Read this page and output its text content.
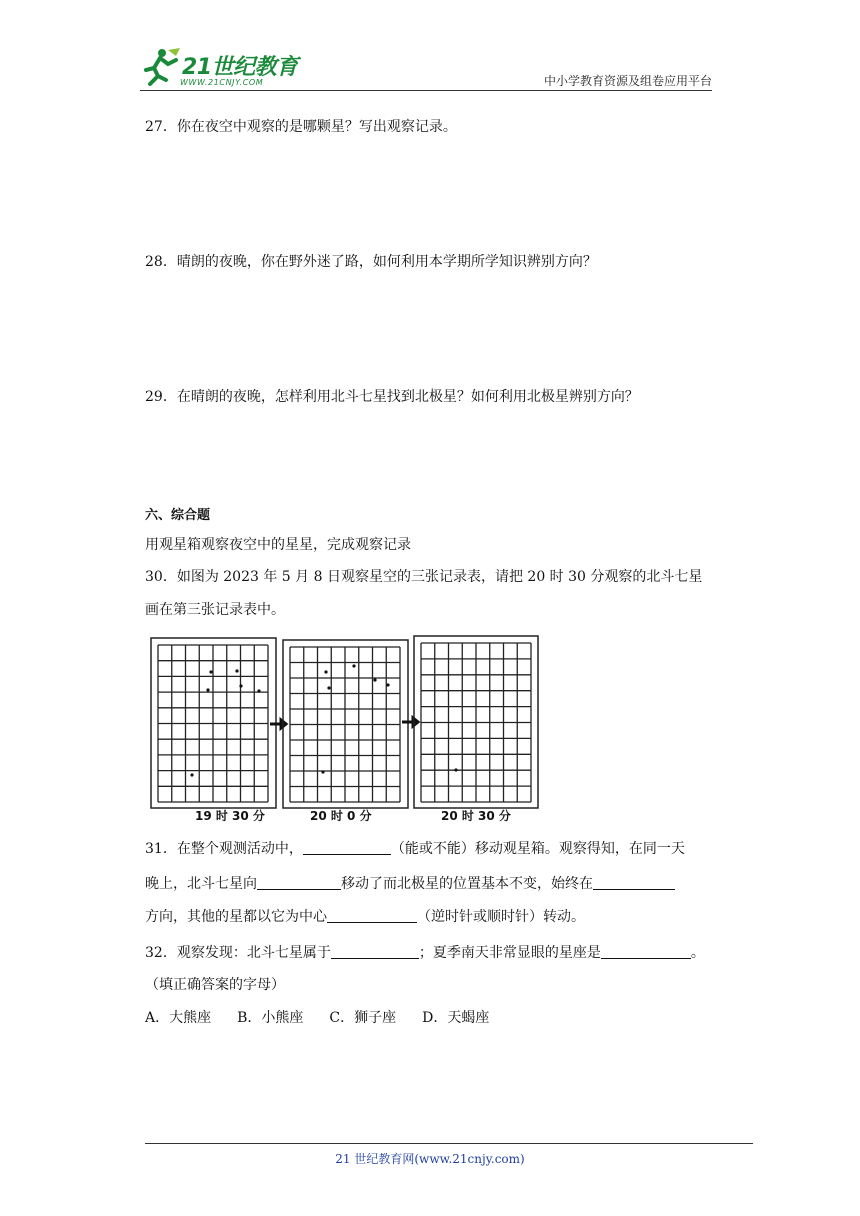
21世纪教育
WWW.21CNJY.COM	中小学教育资源及组卷应用平台
27．你在夜空中观察的是哪颗星？写出观察记录。
28．晴朗的夜晚，你在野外迷了路，如何利用本学期所学知识辨别方向？
29．在晴朗的夜晚，怎样利用北斗七星找到北极星？如何利用北极星辨别方向？
六、综合题
用观星箱观察夜空中的星星，完成观察记录
30．如图为 2023 年 5 月 8 日观察星空的三张记录表，请把 20 时 30 分观察的北斗七星
画在第三张记录表中。
19 时 30 分	20 时 0 分	20 时 30 分
31．在整个观测活动中，	（能或不能）移动观星箱。观察得知，在同一天
晚上，北斗七星向	移动了而北极星的位置基本不变，始终在
方向，其他的星都以它为中心	（逆时针或顺时针）转动。
32．观察发现：北斗七星属于	；夏季南天非常显眼的星座是	。
（填正确答案的字母）
A．大熊座 B．小熊座 C．狮子座 D．天蝎座
21 世纪教育网(www.21cnjy.com)
